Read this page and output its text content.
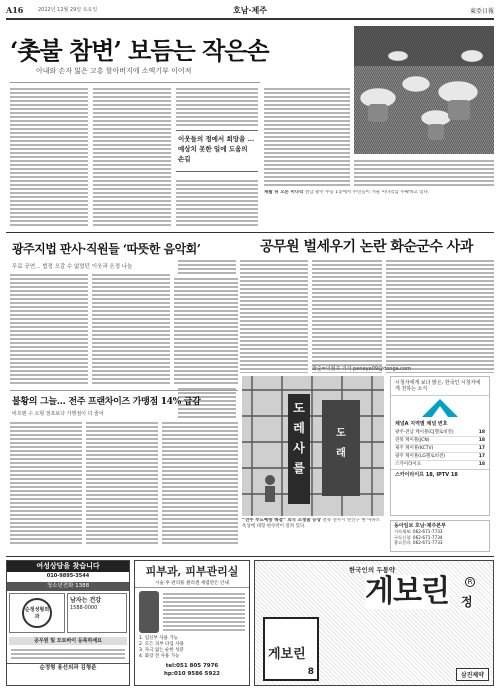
A16	2012년 12월 29일 토요일	호남·제주	東亞日報
‘촛불 참변’ 보듬는 작은손
아내와 손자 잃은 고흥 할아버지에 소액기부 이어져
이웃들의 정에서 희망을 … 예상치 못한 일에 도움의 손길
재활 뒤 오른 미나리 전남 광주 무등 1동에서 주민들이 겨울 미나리를 수확하고 있다.
공무원 벌세우기 논란 화순군수 사과
화순=이형주 기자 peneye09@donga.com
광주지법 판사·직원들 ‘따뜻한 음악회’
무료 공연… 법정 오갈 수 없었던 이웃과 온정 나눔
불황의 그늘… 전주 프랜차이즈 가맹점 14% 급감
비프랜 수 소형 점포보다 가맹점이 더 줄어	도
레
사
를
도
래
“전주 부도예방 해결” 외국 조형물 등장 전북 전주시 완산구 한 아파트 옥상에 대형 현수막이 걸려 있다.
시청자에게 보다 밝은, 한국인 시청자에게 전하는 소식
채널A 지역별 채널 번호
광주·전남 케이블(CJ헬로비전)	18
전북 케이블(JCN)	18
제주 케이블(KCTV)	17
광주 케이블(LG헬로비전)	17
스카이라이프	18
스카이라이프 18, IPTV 18
동아일보 호남·제주본부
기사제보: 062-671-7733
구독신청: 062-671-7734
광고문의: 062-671-7733
여성상담을 찾습니다
010-9895-3544
청소년전화 1388
순정성형외과
남자는 건강
1588-0000
공무원 및 오토바이 등록하세요
순정형 용선외과 김형준
피부과, 피부관리실
시술 후 관리용 클리셴 세럼만은 안내
1. 임신부 사용 가능
2. 모든 피부 타입 사용
3. 자극 없는 순한 성분
4. 화장 전 사용 가능
tel:051 805 7976
hp:010 9586 5922
한국인의 두통약
게보린	R
정
게보린
8	삼진제약
